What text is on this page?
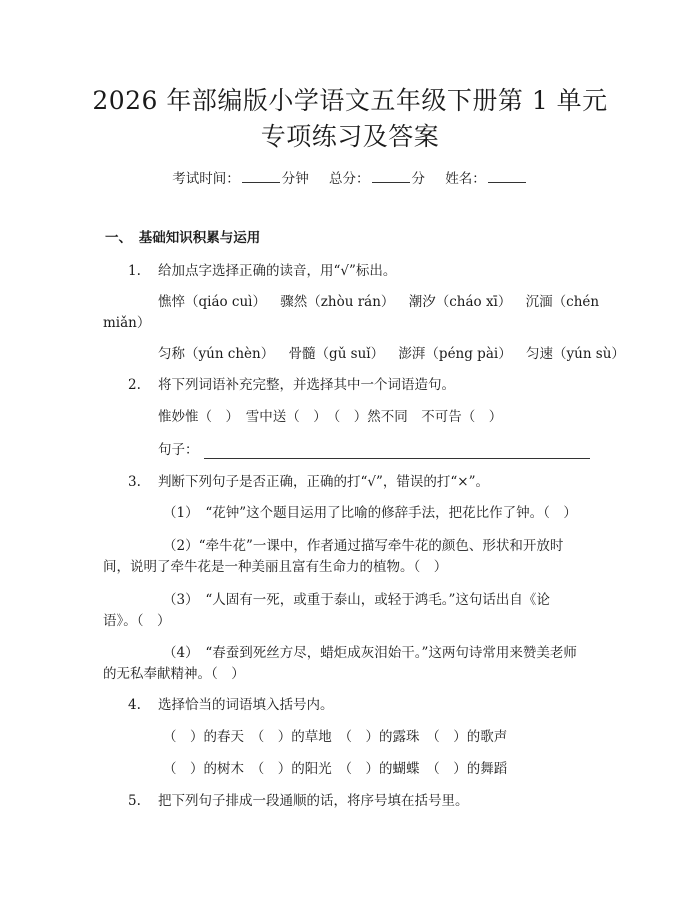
2026 年部编版小学语文五年级下册第 1 单元
专项练习及答案
考试时间：	分钟 总分：	分 姓名：
一、　基础知识积累与运用
1. 给加点字选择正确的读音，用“√”标出。
憔悴（qiáo cuì） 骤然（zhòu rán） 潮汐（cháo xī） 沉湎（chén
miǎn）
匀称（yún chèn） 骨髓（gǔ suǐ） 澎湃（péng pài） 匀速（yún sù）
2. 将下列词语补充完整，并选择其中一个词语造句。
惟妙惟（　）　雪中送（　）　（　）然不同　不可告（　）
句子：
3. 判断下列句子是否正确，正确的打“√”，错误的打“×”。
（1）　“花钟”这个题目运用了比喻的修辞手法，把花比作了钟。（　）
（2）“牵牛花”一课中，作者通过描写牵牛花的颜色、形状和开放时
间，说明了牵牛花是一种美丽且富有生命力的植物。（　）
（3）　“人固有一死，或重于泰山，或轻于鸿毛。”这句话出自《论
语》。（　）
（4）　“春蚕到死丝方尽，蜡炬成灰泪始干。”这两句诗常用来赞美老师
的无私奉献精神。（　）
4. 选择恰当的词语填入括号内。
（　）的春天　（　）的草地　（　）的露珠　（　）的歌声
（　）的树木　（　）的阳光　（　）的蝴蝶　（　）的舞蹈
5. 把下列句子排成一段通顺的话，将序号填在括号里。
